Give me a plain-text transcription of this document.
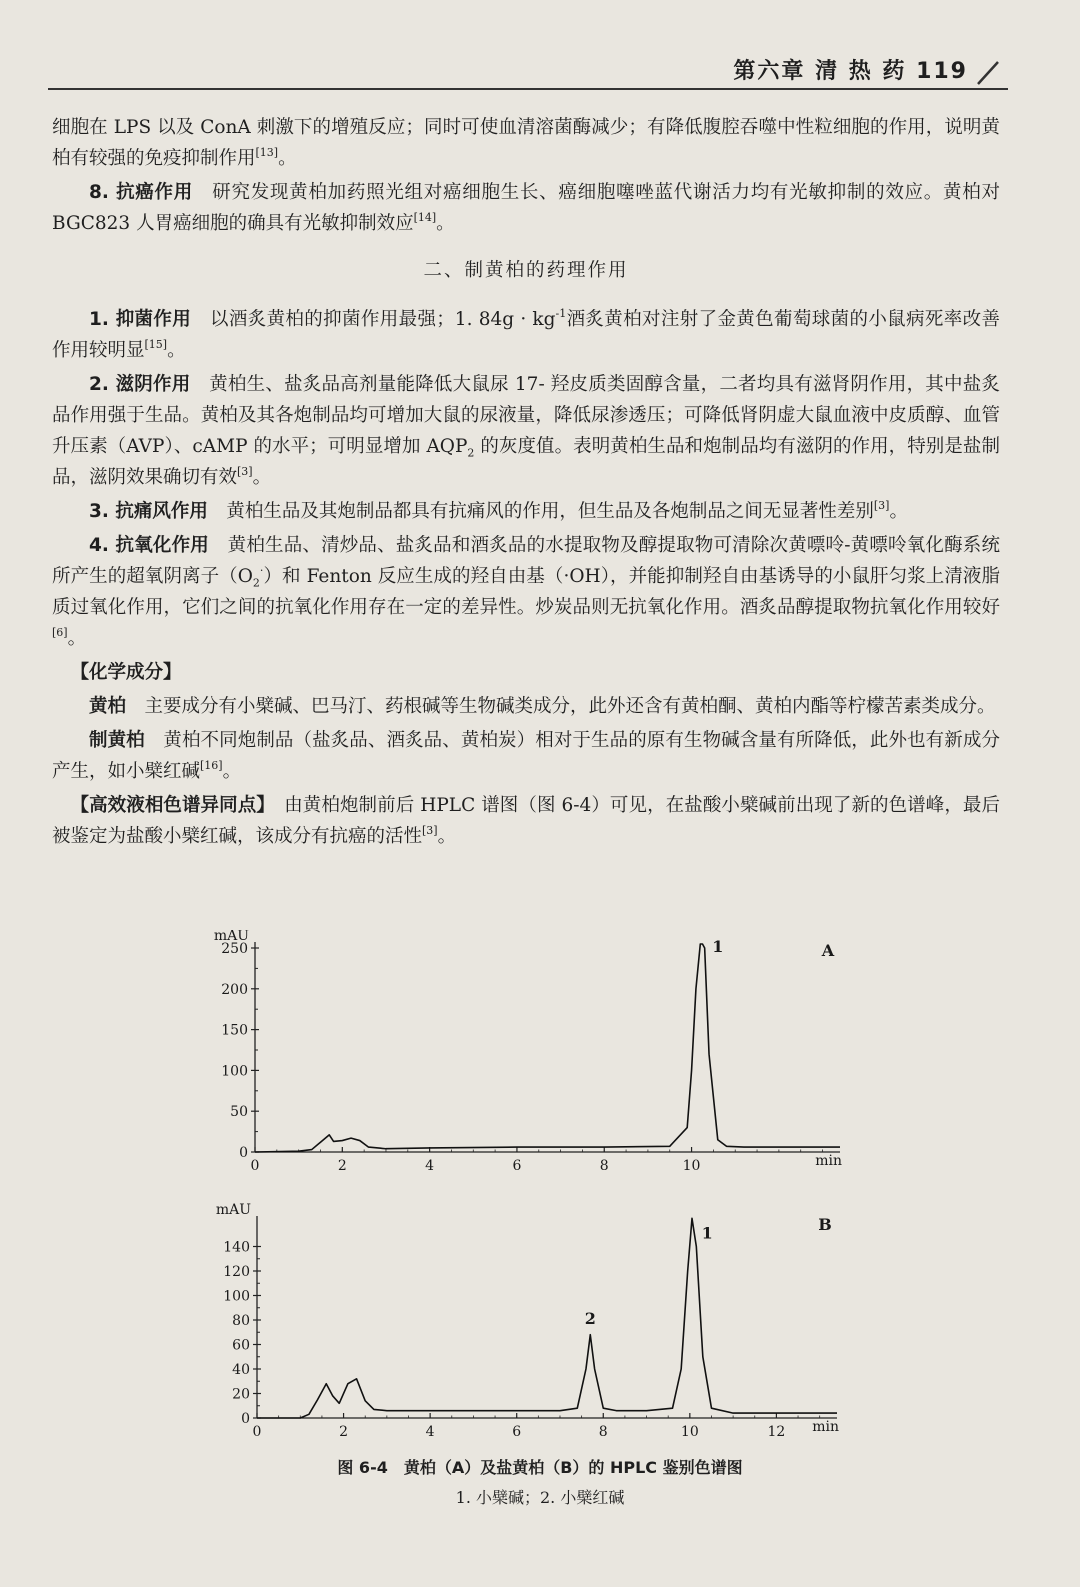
第六章 清 热 药 119

细胞在 LPS 以及 ConA 刺激下的增殖反应；同时可使血清溶菌酶减少；有降低腹腔吞噬中性粒细胞的作用，说明黄柏有较强的免疫抑制作用[13]。

8. 抗癌作用　 研究发现黄柏加药照光组对癌细胞生长、癌细胞噻唑蓝代谢活力均有光敏抑制的效应。黄柏对 BGC823 人胃癌细胞的确具有光敏抑制效应[14]。

二、制黄柏的药理作用

1. 抑菌作用　 以酒炙黄柏的抑菌作用最强；1. $84g \cdot kg^{-1}$酒炙黄柏对注射了金黄色葡萄球菌的小鼠病死率改善作用较明显[15]。

2. 滋阴作用　 黄柏生、盐炙品高剂量能降低大鼠尿 17- 羟皮质类固醇含量，二者均具有滋肾阴作用，其中盐炙品作用强于生品。黄柏及其各炮制品均可增加大鼠的尿液量，降低尿渗透压；可降低肾阴虚大鼠血液中皮质醇、血管升压素（AVP）、cAMP 的水平；可明显增加 $AQP_2$ 的灰度值。表明黄柏生品和炮制品均有滋阴的作用，特别是盐制品，滋阴效果确切有效[3]。

3. 抗痛风作用　 黄柏生品及其炮制品都具有抗痛风的作用，但生品及各炮制品之间无显著性差别[3]。

4. 抗氧化作用　 黄柏生品、清炒品、盐炙品和酒炙品的水提取物及醇提取物可清除次黄嘌呤-黄嘌呤氧化酶系统所产生的超氧阴离子$(O_2^\cdot)$和 Fenton 反应生成的羟自由基（·OH），并能抑制羟自由基诱导的小鼠肝匀浆上清液脂质过氧化作用，它们之间的抗氧化作用存在一定的差异性。炒炭品则无抗氧化作用。酒炙品醇提取物抗氧化作用较好[6]。

【化学成分】

黄柏　 主要成分有小檗碱、巴马汀、药根碱等生物碱类成分，此外还含有黄柏酮、黄柏内酯等柠檬苦素类成分。

制黄柏　 黄柏不同炮制品（盐炙品、酒炙品、黄柏炭）相对于生品的原有生物碱含量有所降低，此外也有新成分产生，如小檗红碱[16]。

【高效液相色谱异同点】　 由黄柏炮制前后 HPLC 谱图（图 6-4）可见，在盐酸小檗碱前出现了新的色谱峰，最后被鉴定为盐酸小檗红碱，该成分有抗癌的活性[3]。

0
50
100
150
200
250
0	2	4	6	8	10
mAU
min
A
1
0
20
40
60
80
100
120
140
0	2	4	6	8	10	12
mAU
min
B
1
2
图 6-4　黄柏（A）及盐黄柏（B）的 HPLC 鉴别色谱图
1. 小檗碱；2. 小檗红碱
